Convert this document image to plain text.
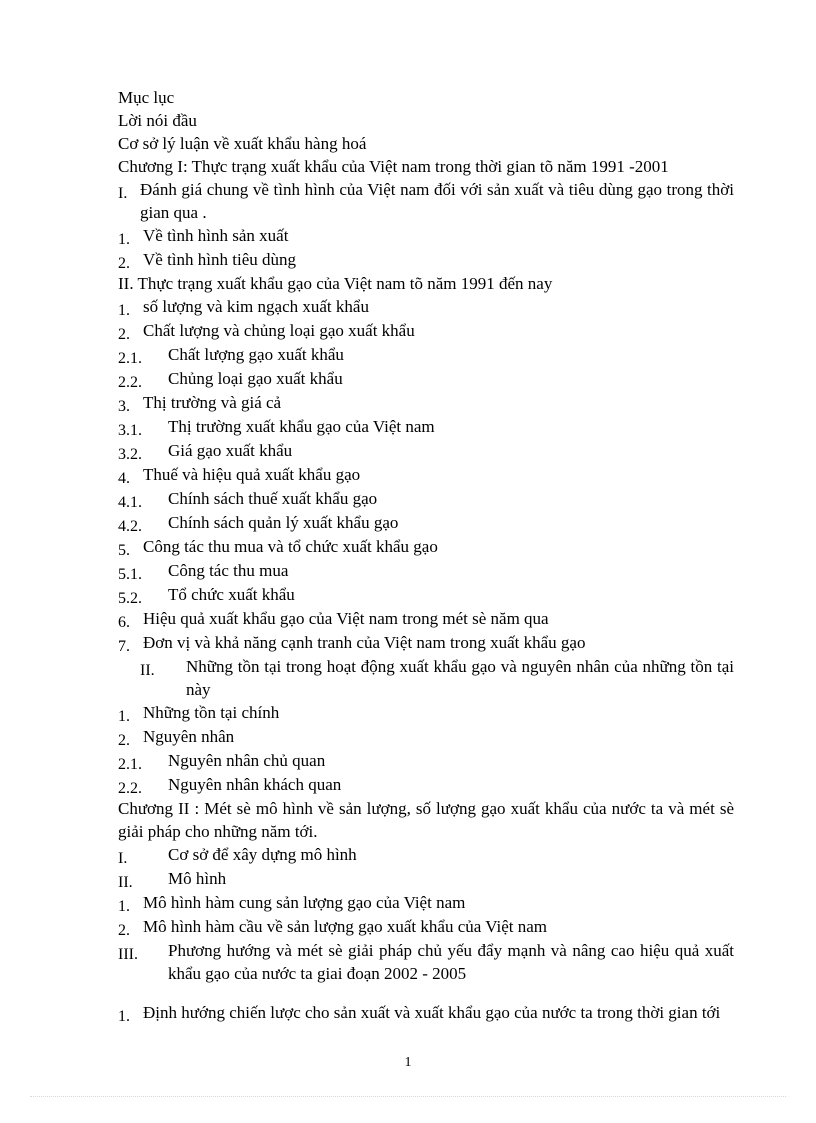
Mục lục
Lời nói đầu
Cơ sở lý luận về xuất khẩu hàng hoá
Chương I: Thực trạng xuất khẩu của Việt nam trong thời gian tõ năm 1991 -2001
I. Đánh giá chung về tình hình của Việt nam đối với sản xuất và tiêu dùng gạo trong thời gian qua .
1. Về tình hình sản xuất
2. Về tình hình tiêu dùng
II. Thực trạng xuất khẩu gạo của Việt nam tõ năm 1991 đến nay
1. số lượng và kim ngạch xuất khẩu
2. Chất lượng và chủng loại gạo xuất khẩu
2.1.	Chất lượng gạo xuất khẩu
2.2.	Chủng loại gạo xuất khẩu
3. Thị trường và giá cả
3.1.	Thị trường xuất khẩu gạo của Việt nam
3.2.	Giá gạo xuất khẩu
4. Thuế và hiệu quả xuất khẩu gạo
4.1.	Chính sách thuế xuất khẩu gạo
4.2.	Chính sách quản lý xuất khẩu gạo
5. Công tác thu mua và tổ chức xuất khẩu gạo
5.1.	Công tác thu mua
5.2.	Tổ chức xuất khẩu
6. Hiệu quả xuất khẩu gạo của Việt nam trong mét sè năm qua
7. Đơn vị và khả năng cạnh tranh của Việt nam trong xuất khẩu gạo
II.	Những tồn tại trong hoạt động xuất khẩu gạo và nguyên nhân của những tồn tại này
1. Những tồn tại chính
2. Nguyên nhân
2.1.	Nguyên nhân chủ quan
2.2.	Nguyên nhân khách quan
Chương II : Mét sè mô hình về sản lượng, số lượng gạo xuất khẩu của nước ta và mét sè giải pháp cho những năm tới.
I.	Cơ sở để xây dựng mô hình
II.	Mô hình
1. Mô hình hàm cung sản lượng gạo của Việt nam
2. Mô hình hàm cầu về sản lượng gạo xuất khẩu của Việt nam
III.	Phương hướng và mét sè giải pháp chủ yếu đẩy mạnh và nâng cao hiệu quả xuất khẩu gạo của nước ta giai đoạn 2002 - 2005
1. Định hướng chiến lược cho sản xuất và xuất khẩu gạo của nước ta trong thời gian tới
1
